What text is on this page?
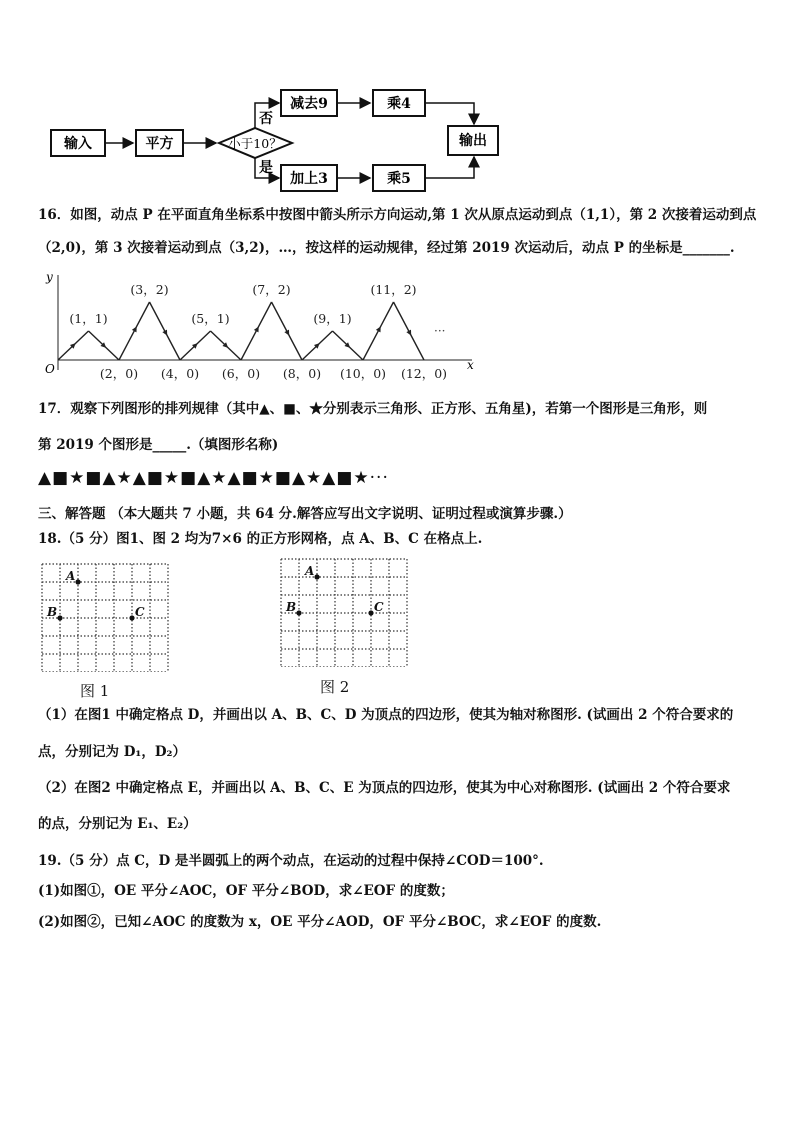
输入	平方	小于10？
否
减去9	乘4
是
加上3	乘5
输出
16．如图，动点 P 在平面直角坐标系中按图中箭头所示方向运动,第 1 次从原点运动到点（1,1），第 2 次接着运动到点
（2,0)，第 3 次接着运动到点（3,2)，…，按这样的运动规律，经过第 2019 次运动后，动点 P 的坐标是_______.
y
x
O
(1，1)
(3，2)
(5，1)
(7，2)
(9，1)
(11，2)
(2，0) (4，0) (6，0) (8，0) (10，0) (12，0)
···
17．观察下列图形的排列规律（其中▲、■、★分别表示三角形、正方形、五角星)，若第一个图形是三角形，则
第 2019 个图形是_____.（填图形名称)
▲■★■▲★▲■★■▲★▲■★■▲★▲■★···
三、解答题 （本大题共 7 小题，共 64 分.解答应写出文字说明、证明过程或演算步骤.）
18.（5 分）图1、图 2 均为7×6 的正方形网格，点 A、B、C 在格点上.
A
B	C
图 1
A
B	C
图 2
（1）在图1 中确定格点 D，并画出以 A、B、C、D 为顶点的四边形，使其为轴对称图形. (试画出 2 个符合要求的
点，分别记为 D₁，D₂）
（2）在图2 中确定格点 E，并画出以 A、B、C、E 为顶点的四边形，使其为中心对称图形. (试画出 2 个符合要求
的点，分别记为 E₁、E₂）
19.（5 分）点 C，D 是半圆弧上的两个动点，在运动的过程中保持∠COD＝100°.
(1)如图①，OE 平分∠AOC，OF 平分∠BOD，求∠EOF 的度数；
(2)如图②，已知∠AOC 的度数为 x，OE 平分∠AOD，OF 平分∠BOC，求∠EOF 的度数.
